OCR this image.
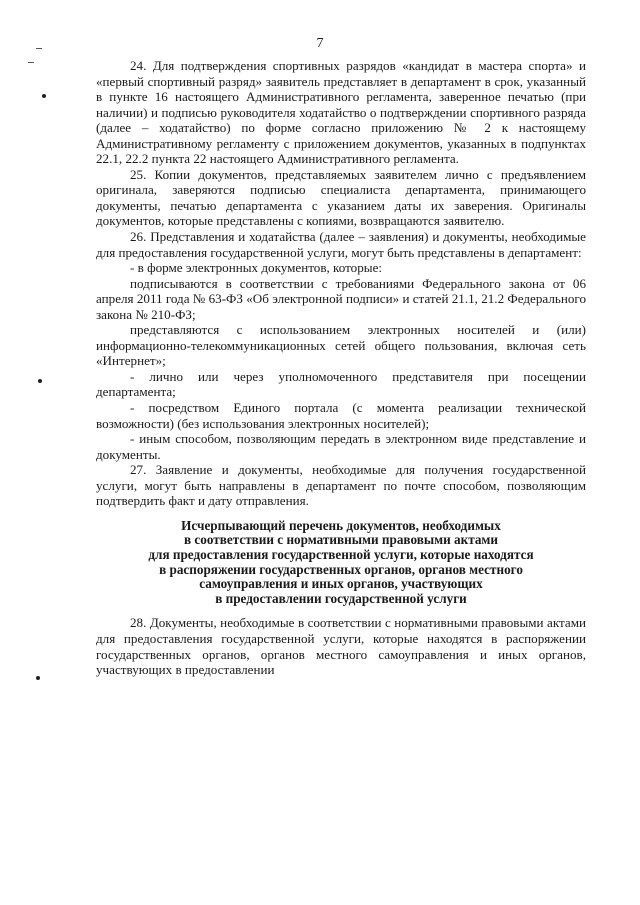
7

24. Для подтверждения спортивных разрядов «кандидат в мастера спорта» и «первый спортивный разряд» заявитель представляет в департамент в срок, указанный в пункте 16 настоящего Административного регламента, заверенное печатью (при наличии) и подписью руководителя ходатайство о подтверждении спортивного разряда (далее – ходатайство) по форме согласно приложению № 2 к настоящему Административному регламенту с приложением документов, указанных в подпунктах 22.1, 22.2 пункта 22 настоящего Административного регламента.

25. Копии документов, представляемых заявителем лично с предъявлением оригинала, заверяются подписью специалиста департамента, принимающего документы, печатью департамента с указанием даты их заверения. Оригиналы документов, которые представлены с копиями, возвращаются заявителю.

26. Представления и ходатайства (далее – заявления) и документы, необходимые для предоставления государственной услуги, могут быть представлены в департамент:

- в форме электронных документов, которые:

подписываются в соответствии с требованиями Федерального закона от 06 апреля 2011 года № 63-ФЗ «Об электронной подписи» и статей 21.1, 21.2 Федерального закона № 210-ФЗ;

представляются с использованием электронных носителей и (или) информационно-телекоммуникационных сетей общего пользования, включая сеть «Интернет»;

- лично или через уполномоченного представителя при посещении департамента;

- посредством Единого портала (с момента реализации технической возможности) (без использования электронных носителей);

- иным способом, позволяющим передать в электронном виде представление и документы.

27. Заявление и документы, необходимые для получения государственной услуги, могут быть направлены в департамент по почте способом, позволяющим подтвердить факт и дату отправления.

Исчерпывающий перечень документов, необходимых
в соответствии с нормативными правовыми актами
для предоставления государственной услуги, которые находятся
в распоряжении государственных органов, органов местного
самоуправления и иных органов, участвующих
в предоставлении государственной услуги

28. Документы, необходимые в соответствии с нормативными правовыми актами для предоставления государственной услуги, которые находятся в распоряжении государственных органов, органов местного самоуправления и иных органов, участвующих в предоставлении
